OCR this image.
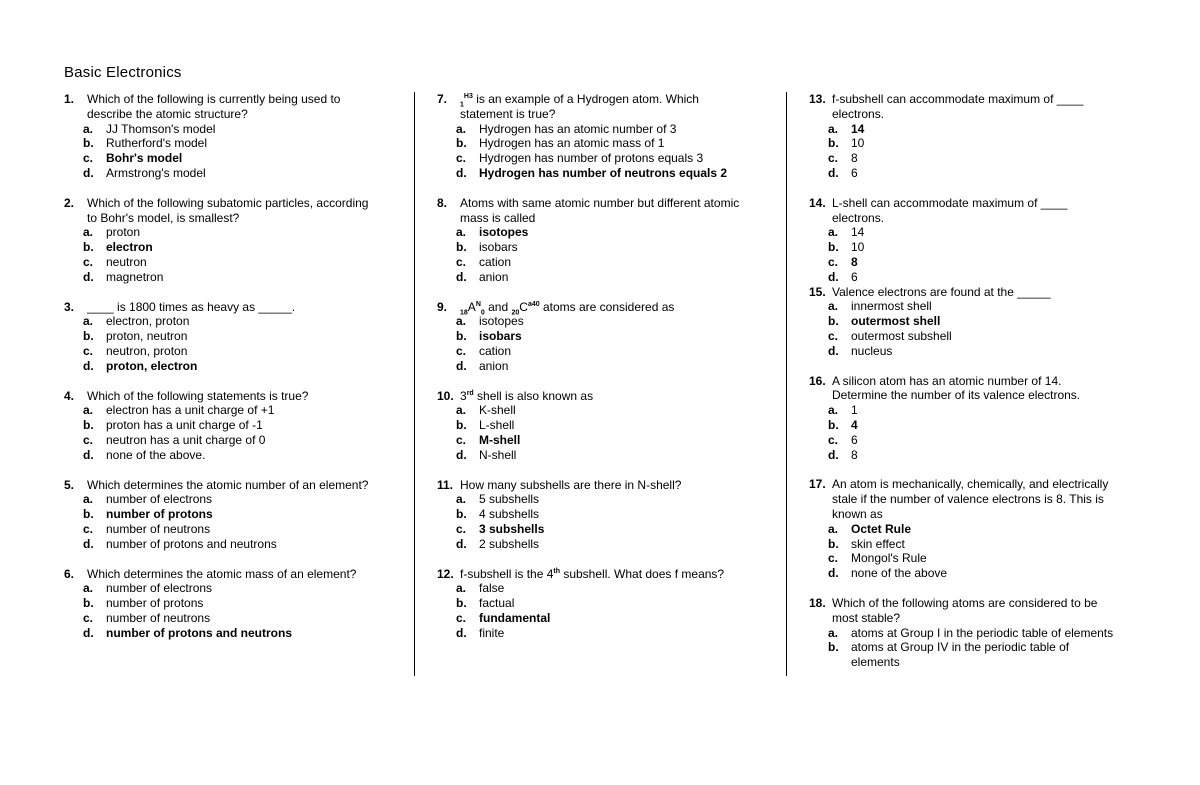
Basic Electronics
1.	Which of the following is currently being used to
describe the atomic structure?
a.	JJ Thomson's model
b.	Rutherford's model
c.	Bohr's model
d.	Armstrong's model
2.	Which of the following subatomic particles, according
to Bohr's model, is smallest?
a.	proton
b.	electron
c.	neutron
d.	magnetron
3.	____ is 1800 times as heavy as _____.
a.	electron, proton
b.	proton, neutron
c.	neutron, proton
d.	proton, electron
4.	Which of the following statements is true?
a.	electron has a unit charge of +1
b.	proton has a unit charge of -1
c.	neutron has a unit charge of 0
d.	none of the above.
5.	Which determines the atomic number of an element?
a.	number of electrons
b.	number of protons
c.	number of neutrons
d.	number of protons and neutrons
6.	Which determines the atomic mass of an element?
a.	number of electrons
b.	number of protons
c.	number of neutrons
d.	number of protons and neutrons
7.	$_1^{H3}$ is an example of a Hydrogen atom. Which
statement is true?
a.	Hydrogen has an atomic number of 3
b.	Hydrogen has an atomic mass of 1
c.	Hydrogen has number of protons equals 3
d.	Hydrogen has number of neutrons equals 2
8.	Atoms with same atomic number but different atomic
mass is called
a.	isotopes
b.	isobars
c.	cation
d.	anion
9.	$_{18}A^N_0$ and $_{20}C^{a40}$ atoms are considered as
a.	isotopes
b.	isobars
c.	cation
d.	anion
10. 3rd shell is also known as
a.	K-shell
b.	L-shell
c.	M-shell
d.	N-shell
11. How many subshells are there in N-shell?
a.	5 subshells
b.	4 subshells
c.	3 subshells
d.	2 subshells
12. f-subshell is the 4th subshell. What does f means?
a.	false
b.	factual
c.	fundamental
d.	finite
13. f-subshell can accommodate maximum of ____
electrons.
a.	14
b.	10
c.	8
d.	6
14. L-shell can accommodate maximum of ____
electrons.
a.	14
b.	10
c.	8
d.	6
15. Valence electrons are found at the _____
a.	innermost shell
b.	outermost shell
c.	outermost subshell
d.	nucleus
16. A silicon atom has an atomic number of 14.
Determine the number of its valence electrons.
a.	1
b.	4
c.	6
d.	8
17. An atom is mechanically, chemically, and electrically
stale if the number of valence electrons is 8. This is
known as
a.	Octet Rule
b.	skin effect
c.	Mongol's Rule
d.	none of the above
18. Which of the following atoms are considered to be
most stable?
a.	atoms at Group I in the periodic table of elements
b.	atoms at Group IV in the periodic table of
elements
